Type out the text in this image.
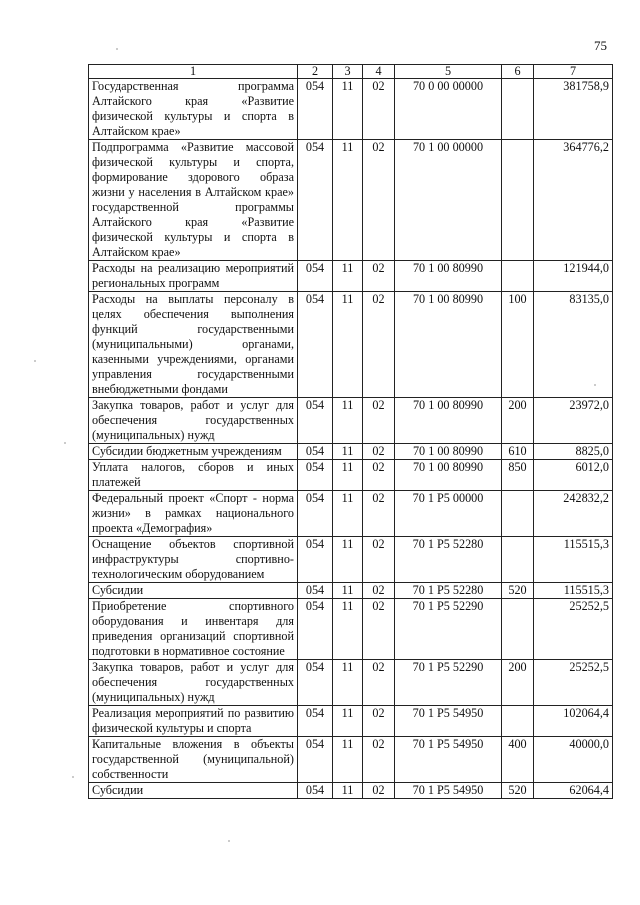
75
1	2	3	4	5	6	7
Государственная программа Алтайского края «Развитие физической культуры и спорта в Алтайском крае»	054	11	02	70 0 00 00000		381758,9
Подпрограмма «Развитие массовой физической культуры и спорта, формирование здорового образа жизни у населения в Алтайском крае» государственной программы Алтайского края «Развитие физической культуры и спорта в Алтайском крае»	054	11	02	70 1 00 00000		364776,2
Расходы на реализацию мероприятий региональных программ	054	11	02	70 1 00 80990		121944,0
Расходы на выплаты персоналу в целях обеспечения выполнения функций государственными (муниципальными) органами, казенными учреждениями, органами управления государственными внебюджетными фондами	054	11	02	70 1 00 80990	100	83135,0
Закупка товаров, работ и услуг для обеспечения государственных (муниципальных) нужд	054	11	02	70 1 00 80990	200	23972,0
Субсидии бюджетным учреждениям	054	11	02	70 1 00 80990	610	8825,0
Уплата налогов, сборов и иных платежей	054	11	02	70 1 00 80990	850	6012,0
Федеральный проект «Спорт - норма жизни» в рамках национального проекта «Демография»	054	11	02	70 1 P5 00000		242832,2
Оснащение объектов спортивной инфраструктуры спортивно-технологическим оборудованием	054	11	02	70 1 P5 52280		115515,3
Субсидии	054	11	02	70 1 P5 52280	520	115515,3
Приобретение спортивного оборудования и инвентаря для приведения организаций спортивной подготовки в нормативное состояние	054	11	02	70 1 P5 52290		25252,5
Закупка товаров, работ и услуг для обеспечения государственных (муниципальных) нужд	054	11	02	70 1 P5 52290	200	25252,5
Реализация мероприятий по развитию физической культуры и спорта	054	11	02	70 1 P5 54950		102064,4
Капитальные вложения в объекты государственной (муниципальной) собственности	054	11	02	70 1 P5 54950	400	40000,0
Субсидии	054	11	02	70 1 P5 54950	520	62064,4
